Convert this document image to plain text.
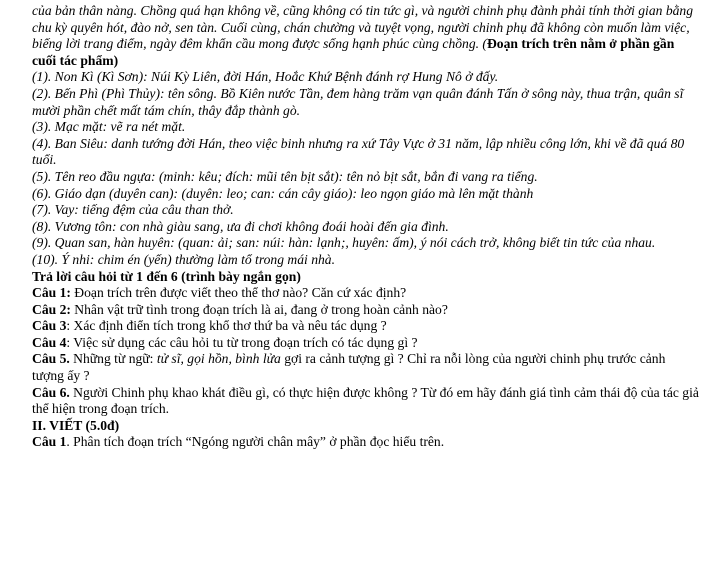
của bản thân nàng. Chồng quá hạn không về, cũng không có tin tức gì, và người chinh phụ đành phải tính thời gian bằng chu kỳ quyên hót, đào nở, sen tàn. Cuối cùng, chán chường và tuyệt vọng, người chinh phụ đã không còn muốn làm việc, biếng lời trang điểm, ngày đêm khẩn cầu mong được sống hạnh phúc cùng chồng. (Đoạn trích trên nằm ở phần gần cuối tác phẩm)

(1). Non Kì (Kì Sơn): Núi Kỳ Liên, đời Hán, Hoắc Khứ Bệnh đánh rợ Hung Nô ở đấy.

(2). Bến Phì (Phì Thủy): tên sông. Bồ Kiên nước Tần, đem hàng trăm vạn quân đánh Tấn ở sông này, thua trận, quân sĩ mười phần chết mất tám chín, thây đắp thành gò.

(3). Mạc mặt: vẽ ra nét mặt.

(4). Ban Siêu: danh tướng đời Hán, theo việc binh nhưng ra xứ Tây Vực ở 31 năm, lập nhiều công lớn, khi về đã quá 80 tuổi.

(5). Tên reo đầu ngựa: (minh: kêu; đích: mũi tên bịt sắt): tên nỏ bịt sắt, bắn đi vang ra tiếng.

(6). Giáo dạn (duyên can): (duyên: leo; can: cán cây giáo): leo ngọn giáo mà lên mặt thành

(7). Vay: tiếng đệm của câu than thở.

(8). Vương tôn: con nhà giàu sang, ưa đi chơi không đoái hoài đến gia đình.

(9). Quan san, hàn huyên: (quan: ải; san: núi: hàn: lạnh;, huyên: ấm), ý nói cách trở, không biết tin tức của nhau.

(10). Ý nhi: chim én (yến) thường làm tổ trong mái nhà.

Trả lời câu hỏi từ 1 đến 6 (trình bày ngắn gọn)

Câu 1: Đoạn trích trên được viết theo thể thơ nào? Căn cứ xác định?

Câu 2: Nhân vật trữ tình trong đoạn trích là ai, đang ở trong hoàn cảnh nào?

Câu 3: Xác định điển tích trong khổ thơ thứ ba và nêu tác dụng ?

Câu 4: Việc sử dụng các câu hỏi tu từ trong đoạn trích có tác dụng gì ?

Câu 5. Những từ ngữ: tử sĩ, gọi hồn, bình lửa gợi ra cảnh tượng gì ? Chỉ ra nỗi lòng của người chinh phụ trước cảnh tượng ấy ?

Câu 6. Người Chinh phụ khao khát điều gì, có thực hiện được không ? Từ đó em hãy đánh giá tình cảm thái độ của tác giả thể hiện trong đoạn trích.

II. VIẾT (5.0đ)

Câu 1. Phân tích đoạn trích “Ngóng người chân mây” ở phần đọc hiểu trên.
